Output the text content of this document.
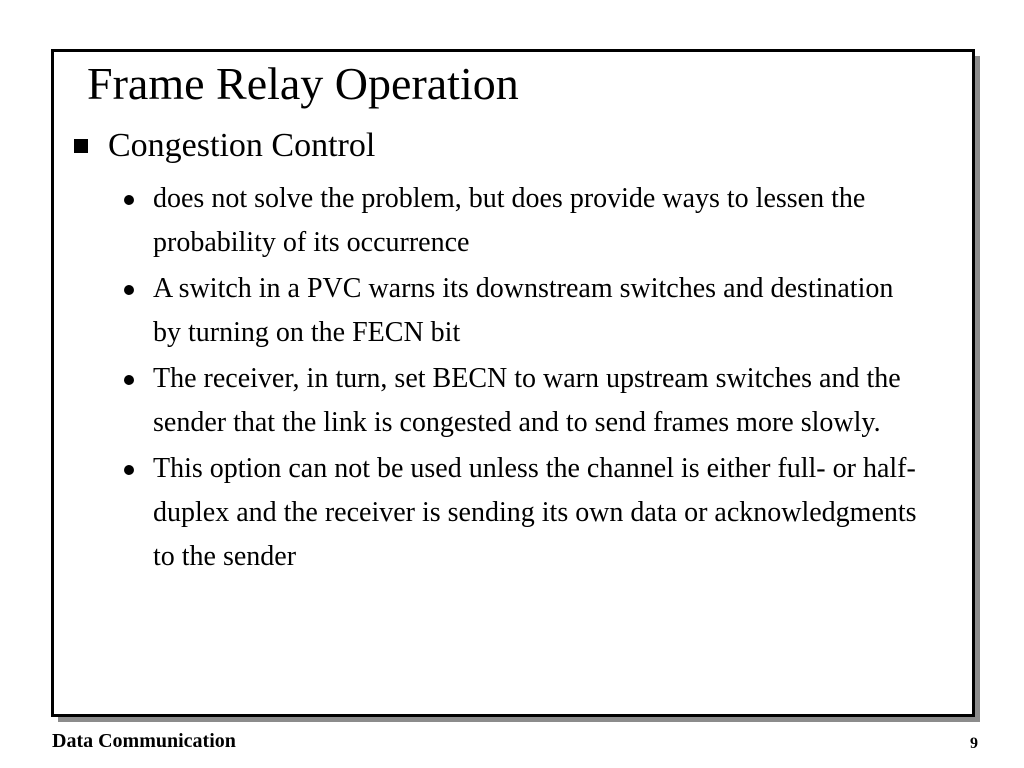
Frame Relay Operation
Congestion Control
does not solve the problem, but does provide ways to lessen the probability of its occurrence
A switch in a PVC warns its downstream switches and destination by turning on the FECN bit
The receiver, in turn, set BECN to warn upstream switches and the sender that the link is congested and to send frames more slowly.
This option can not be used unless the channel is either full- or half-duplex and the receiver is sending its own data or acknowledgments to the sender
Data Communication	9
